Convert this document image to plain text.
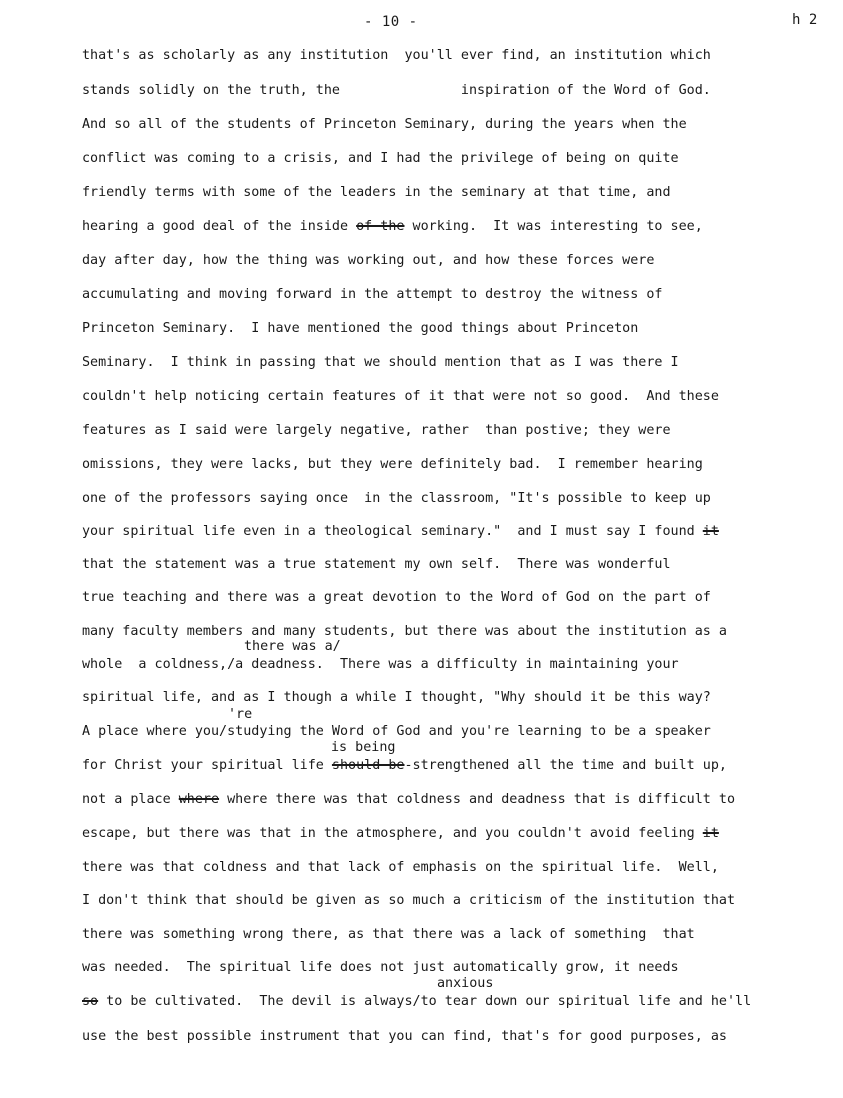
- 10 -	h 2
that's as scholarly as any institution  you'll ever find, an institution which
stands solidly on the truth, the               inspiration of the Word of God.
And so all of the students of Princeton Seminary, during the years when the
conflict was coming to a crisis, and I had the privilege of being on quite
friendly terms with some of the leaders in the seminary at that time, and
hearing a good deal of the inside of the working.  It was interesting to see,
day after day, how the thing was working out, and how these forces were
accumulating and moving forward in the attempt to destroy the witness of
Princeton Seminary.  I have mentioned the good things about Princeton
Seminary.  I think in passing that we should mention that as I was there I
couldn't help noticing certain features of it that were not so good.  And these
features as I said were largely negative, rather  than postive; they were
omissions, they were lacks, but they were definitely bad.  I remember hearing
one of the professors saying once  in the classroom, "It's possible to keep up
your spiritual life even in a theological seminary."  and I must say I found it
that the statement was a true statement my own self.  There was wonderful
true teaching and there was a great devotion to the Word of God on the part of
many faculty members and many students, but there was about the institution as a
there was a/
whole  a coldness,/a deadness.  There was a difficulty in maintaining your
spiritual life, and as I though a while I thought, "Why should it be this way?
're
A place where you/studying the Word of God and you're learning to be a speaker
is being
for Christ your spiritual life should be-strengthened all the time and built up,
not a place where where there was that coldness and deadness that is difficult to
escape, but there was that in the atmosphere, and you couldn't avoid feeling it
there was that coldness and that lack of emphasis on the spiritual life.  Well,
I don't think that should be given as so much a criticism of the institution that
there was something wrong there, as that there was a lack of something  that
was needed.  The spiritual life does not just automatically grow, it needs
anxious
so to be cultivated.  The devil is always/to tear down our spiritual life and he'll
use the best possible instrument that you can find, that's for good purposes, as
